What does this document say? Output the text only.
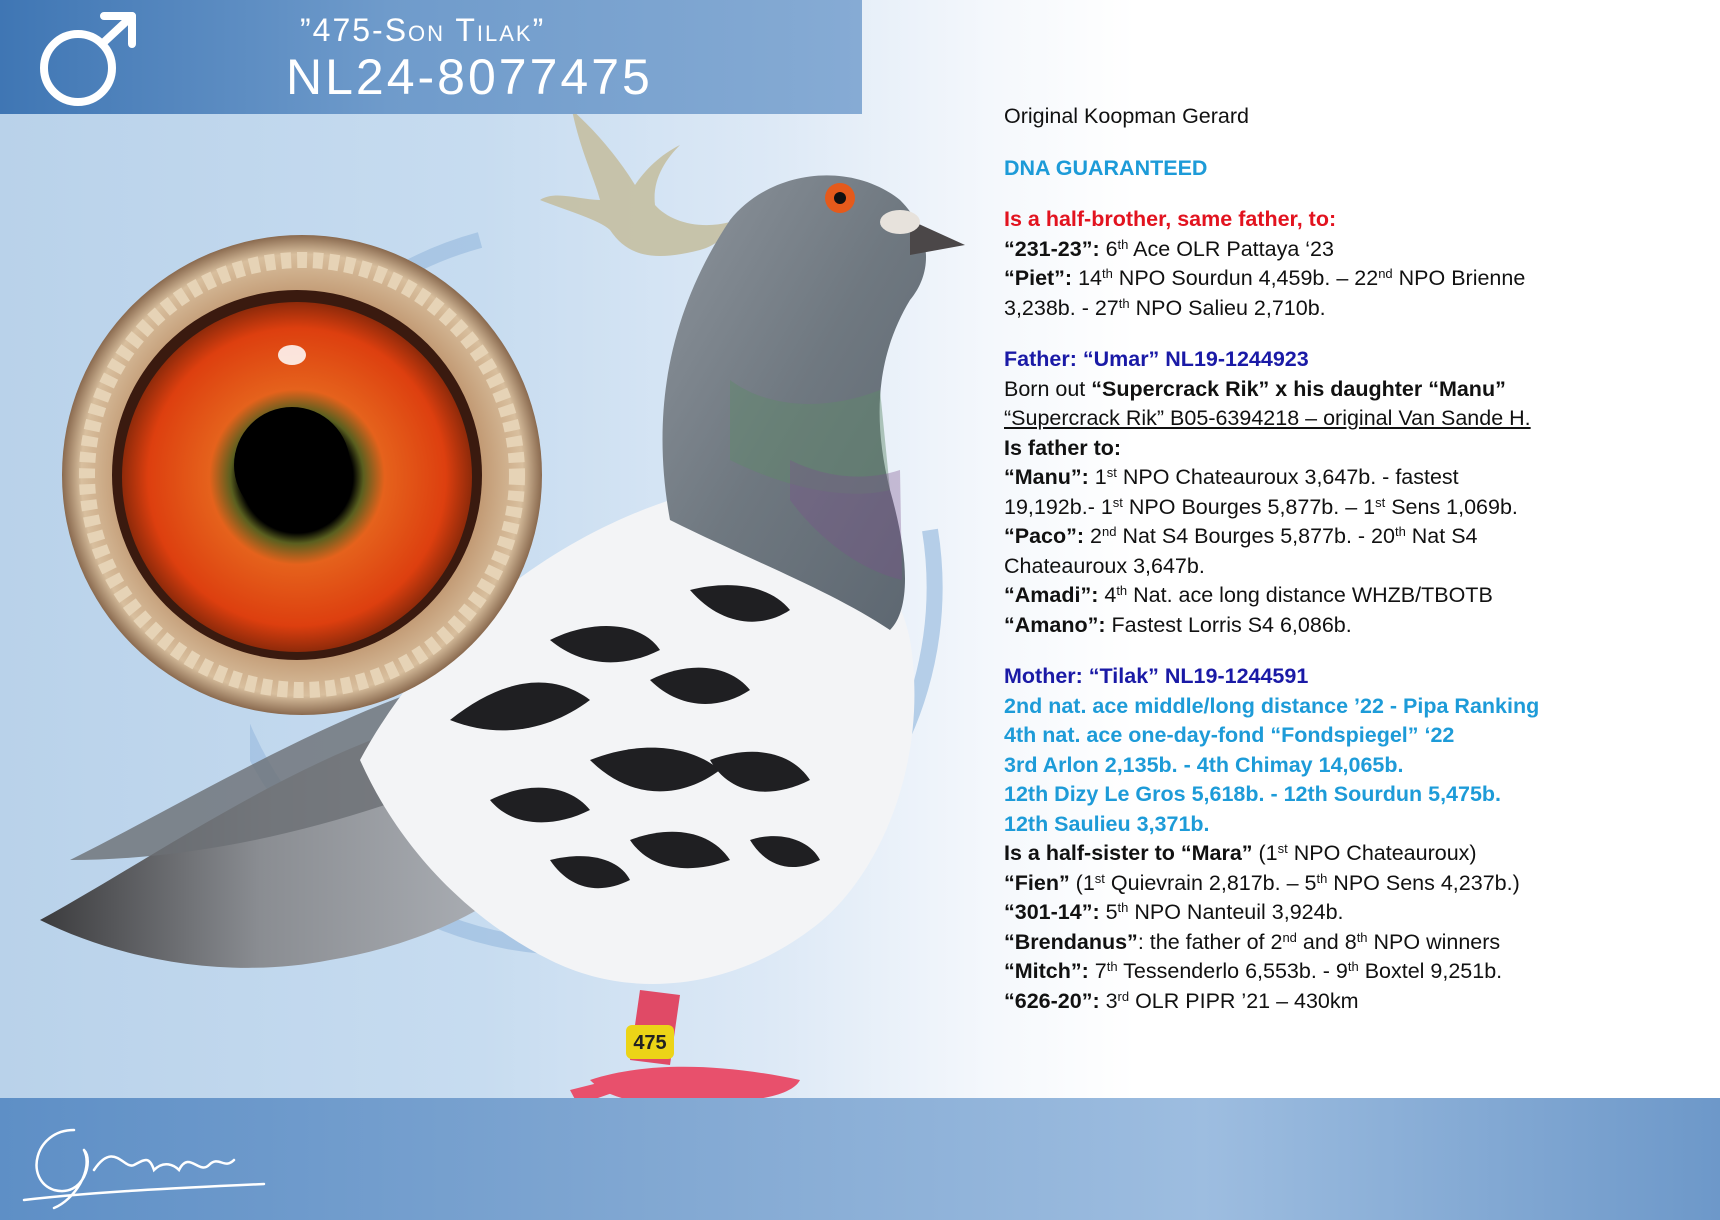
”475-Son Tilak”
NL24-8077475
475

Original Koopman Gerard

DNA GUARANTEED

Is a half-brother, same father, to:

“231-23”: 6th Ace OLR Pattaya ‘23

“Piet”: 14th NPO Sourdun 4,459b. – 22nd NPO Brienne

3,238b. - 27th NPO Salieu 2,710b.

Father: “Umar” NL19-1244923

Born out “Supercrack Rik” x his daughter “Manu”

“Supercrack Rik” B05-6394218 – original Van Sande H.

Is father to:

“Manu”: 1st NPO Chateauroux 3,647b. - fastest

19,192b.- 1st NPO Bourges 5,877b. – 1st Sens 1,069b.

“Paco”: 2nd Nat S4 Bourges 5,877b. - 20th Nat S4

Chateauroux 3,647b.

“Amadi”: 4th Nat. ace long distance WHZB/TBOTB

“Amano”: Fastest Lorris S4 6,086b.

Mother: “Tilak” NL19-1244591

2nd nat. ace middle/long distance ’22 - Pipa Ranking

4th nat. ace one-day-fond “Fondspiegel” ‘22

3rd Arlon 2,135b. - 4th Chimay 14,065b.

12th Dizy Le Gros 5,618b. - 12th Sourdun 5,475b.

12th Saulieu 3,371b.

Is a half-sister to “Mara” (1st NPO Chateauroux)

“Fien” (1st Quievrain 2,817b. – 5th NPO Sens 4,237b.)

“301-14”: 5th NPO Nanteuil 3,924b.

“Brendanus”: the father of 2nd and 8th NPO winners

“Mitch”: 7th Tessenderlo 6,553b. - 9th Boxtel 9,251b.

“626-20”: 3rd OLR PIPR ’21 – 430km
